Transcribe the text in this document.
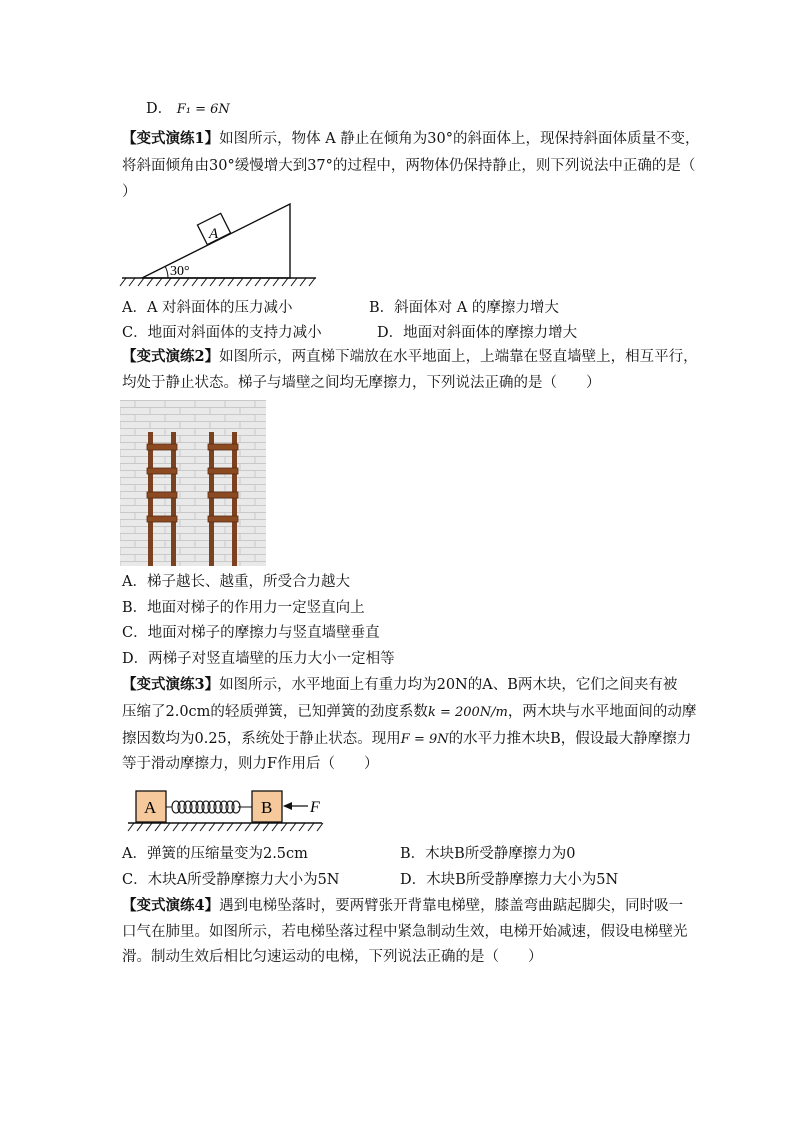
D． F₁ = 6N
【变式演练1】如图所示，物体 A 静止在倾角为30°的斜面体上，现保持斜面体质量不变，
将斜面倾角由30°缓慢增大到37°的过程中，两物体仍保持静止，则下列说法中正确的是（
）
A
30°
A．A 对斜面体的压力减小	B．斜面体对 A 的摩擦力增大
C．地面对斜面体的支持力减小	D．地面对斜面体的摩擦力增大
【变式演练2】如图所示，两直梯下端放在水平地面上，上端靠在竖直墙壁上，相互平行，
均处于静止状态。梯子与墙壁之间均无摩擦力，下列说法正确的是（　　）
A．梯子越长、越重，所受合力越大
B．地面对梯子的作用力一定竖直向上
C．地面对梯子的摩擦力与竖直墙壁垂直
D．两梯子对竖直墙壁的压力大小一定相等
【变式演练3】如图所示，水平地面上有重力均为20N的A、B两木块，它们之间夹有被
压缩了2.0cm的轻质弹簧，已知弹簧的劲度系数k = 200N/m，两木块与水平地面间的动摩
擦因数均为0.25，系统处于静止状态。现用F = 9N的水平力推木块B，假设最大静摩擦力
等于滑动摩擦力，则力F作用后（　　）
A	B F
A．弹簧的压缩量变为2.5cm	B．木块B所受静摩擦力为0
C．木块A所受静摩擦力大小为5N	D．木块B所受静摩擦力大小为5N
【变式演练4】遇到电梯坠落时，要两臂张开背靠电梯壁，膝盖弯曲踮起脚尖，同时吸一
口气在肺里。如图所示，若电梯坠落过程中紧急制动生效，电梯开始减速，假设电梯壁光
滑。制动生效后相比匀速运动的电梯，下列说法正确的是（　　）
